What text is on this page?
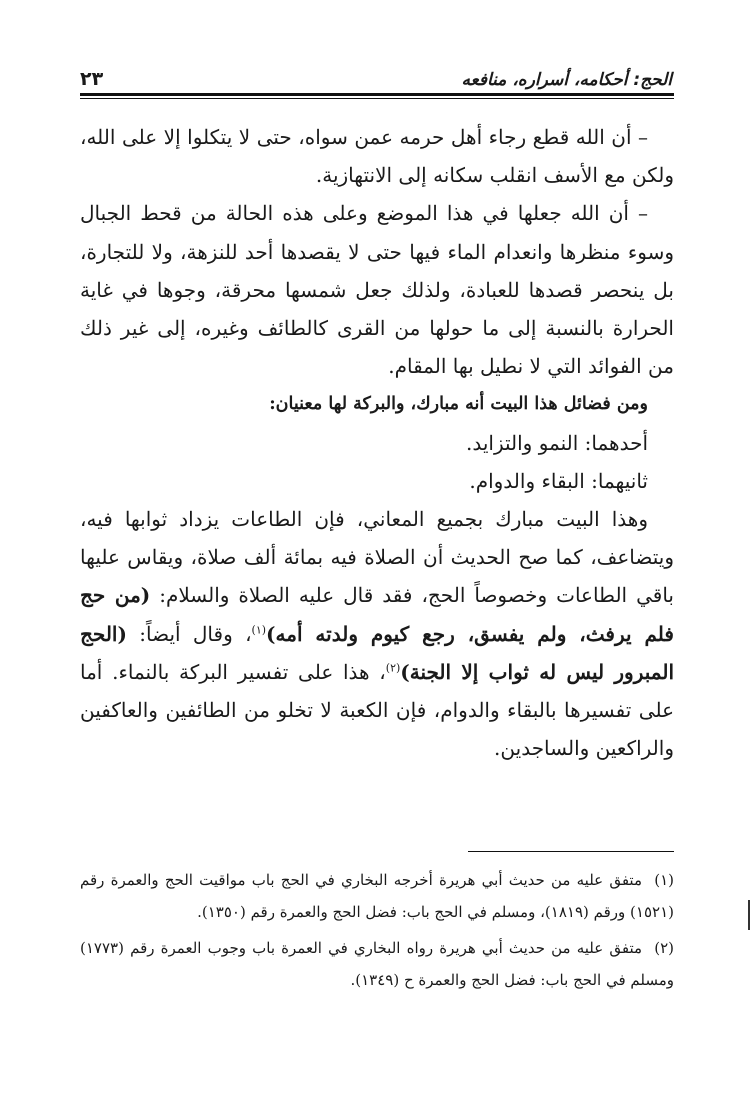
الحج: أحكامه، أسراره، منافعه
٢٣

– أن الله قطع رجاء أهل حرمه عمن سواه، حتى لا يتكلوا إلا على الله، ولكن مع الأسف انقلب سكانه إلى الانتهازية.

– أن الله جعلها في هذا الموضع وعلى هذه الحالة من قحط الجبال وسوء منظرها وانعدام الماء فيها حتى لا يقصدها أحد للنزهة، ولا للتجارة، بل ينحصر قصدها للعبادة، ولذلك جعل شمسها محرقة، وجوها في غاية الحرارة بالنسبة إلى ما حولها من القرى كالطائف وغيره، إلى غير ذلك من الفوائد التي لا نطيل بها المقام.

ومن فضائل هذا البيت أنه مبارك، والبركة لها معنيان:

أحدهما: النمو والتزايد.

ثانيهما: البقاء والدوام.

وهذا البيت مبارك بجميع المعاني، فإن الطاعات يزداد ثوابها فيه، ويتضاعف، كما صح الحديث أن الصلاة فيه بمائة ألف صلاة، ويقاس عليها باقي الطاعات وخصوصاً الحج، فقد قال عليه الصلاة والسلام: (من حج فلم يرفث، ولم يفسق، رجع كيوم ولدته أمه)$^{(١)}$، وقال أيضاً: (الحج المبرور ليس له ثواب إلا الجنة)$^{(٢)}$، هذا على تفسير البركة بالنماء. أما على تفسيرها بالبقاء والدوام، فإن الكعبة لا تخلو من الطائفين والعاكفين والراكعين والساجدين.

(١) متفق عليه من حديث أبي هريرة أخرجه البخاري في الحج باب مواقيت الحج والعمرة رقم (١٥٢١) ورقم (١٨١٩)، ومسلم في الحج باب: فضل الحج والعمرة رقم (١٣٥٠).

(٢) متفق عليه من حديث أبي هريرة رواه البخاري في العمرة باب وجوب العمرة رقم (١٧٧٣) ومسلم في الحج باب: فضل الحج والعمرة ح (١٣٤٩).
